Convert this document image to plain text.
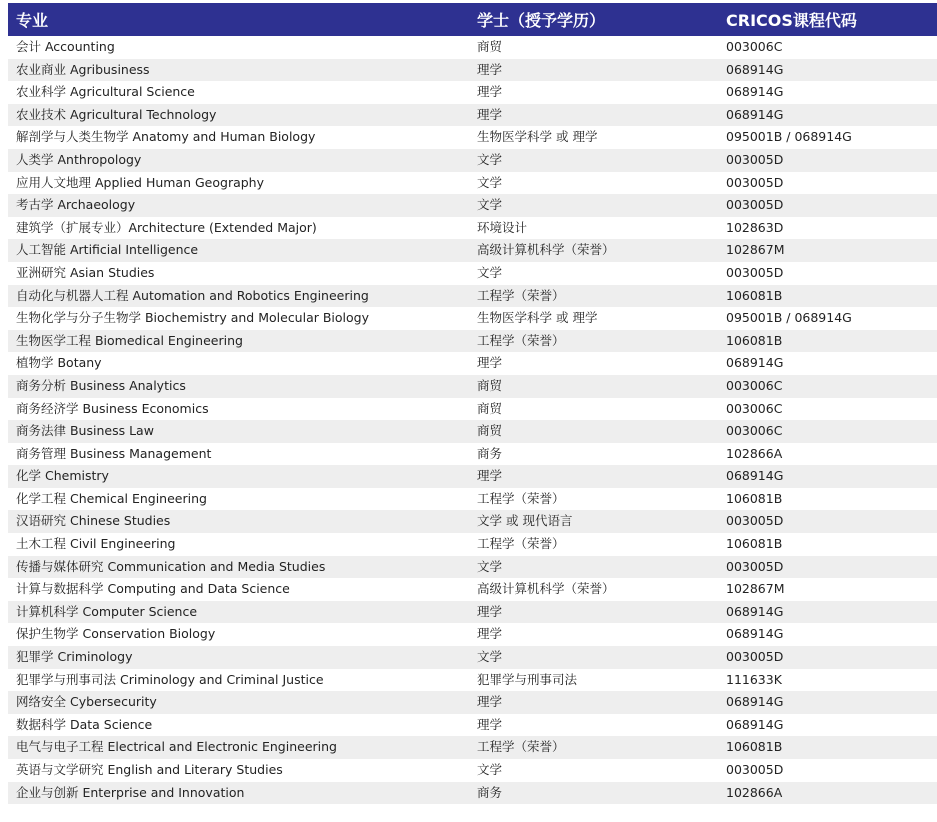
专业	学士（授予学历）	CRICOS课程代码
会计 Accounting	商贸	003006C
农业商业 Agribusiness	理学	068914G
农业科学 Agricultural Science	理学	068914G
农业技术 Agricultural Technology	理学	068914G
解剖学与人类生物学 Anatomy and Human Biology	生物医学科学 或 理学	095001B / 068914G
人类学 Anthropology	文学	003005D
应用人文地理 Applied Human Geography	文学	003005D
考古学 Archaeology	文学	003005D
建筑学（扩展专业）Architecture (Extended Major)	环境设计	102863D
人工智能 Artificial Intelligence	高级计算机科学（荣誉）	102867M
亚洲研究 Asian Studies	文学	003005D
自动化与机器人工程 Automation and Robotics Engineering	工程学（荣誉）	106081B
生物化学与分子生物学 Biochemistry and Molecular Biology	生物医学科学 或 理学	095001B / 068914G
生物医学工程 Biomedical Engineering	工程学（荣誉）	106081B
植物学 Botany	理学	068914G
商务分析 Business Analytics	商贸	003006C
商务经济学 Business Economics	商贸	003006C
商务法律 Business Law	商贸	003006C
商务管理 Business Management	商务	102866A
化学 Chemistry	理学	068914G
化学工程 Chemical Engineering	工程学（荣誉）	106081B
汉语研究 Chinese Studies	文学 或 现代语言	003005D
土木工程 Civil Engineering	工程学（荣誉）	106081B
传播与媒体研究 Communication and Media Studies	文学	003005D
计算与数据科学 Computing and Data Science	高级计算机科学（荣誉）	102867M
计算机科学 Computer Science	理学	068914G
保护生物学 Conservation Biology	理学	068914G
犯罪学 Criminology	文学	003005D
犯罪学与刑事司法 Criminology and Criminal Justice	犯罪学与刑事司法	111633K
网络安全 Cybersecurity	理学	068914G
数据科学 Data Science	理学	068914G
电气与电子工程 Electrical and Electronic Engineering	工程学（荣誉）	106081B
英语与文学研究 English and Literary Studies	文学	003005D
企业与创新 Enterprise and Innovation	商务	102866A
